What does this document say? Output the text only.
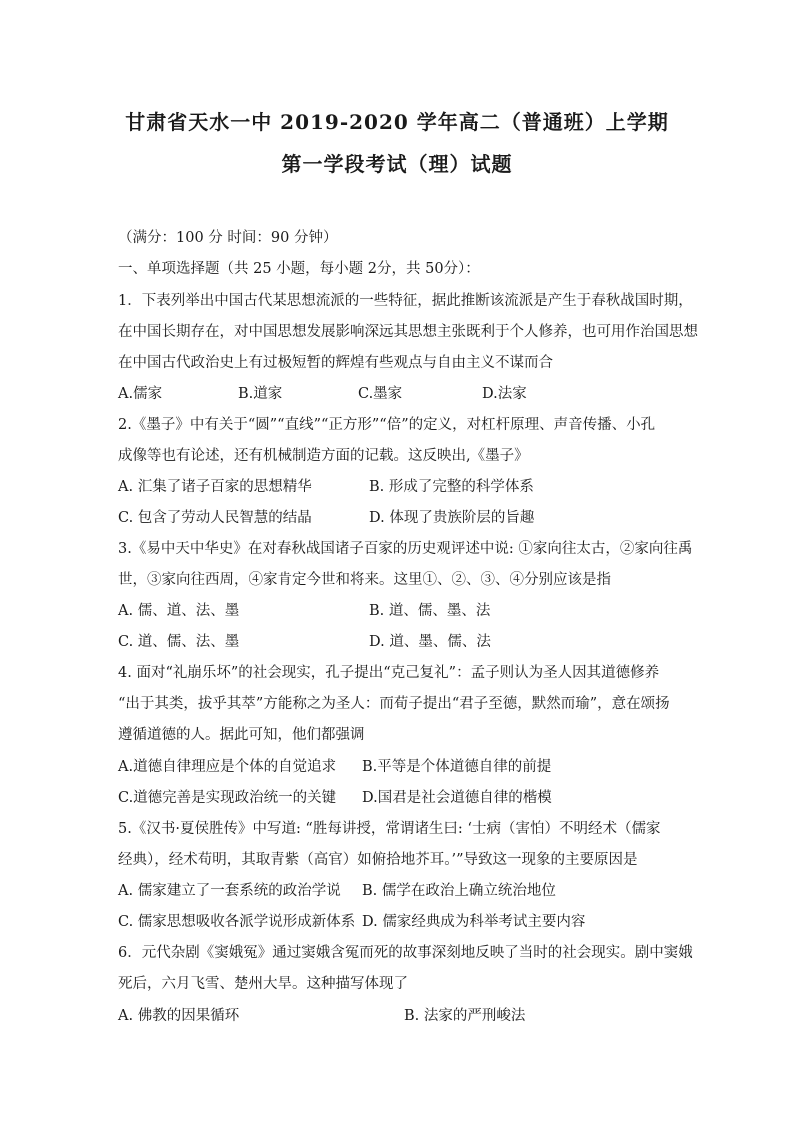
甘肃省天水一中 2019-2020 学年高二（普通班）上学期
第一学段考试（理）试题
（满分：100 分 时间：90 分钟）
一、单项选择题（共 25 小题，每小题 2分，共 50分）：
1．下表列举出中国古代某思想流派的一些特征，据此推断该流派是产生于春秋战国时期，
在中国长期存在，对中国思想发展影响深远其思想主张既利于个人修养，也可用作治国思想
在中国古代政治史上有过极短暂的辉煌有些观点与自由主义不谋而合
A.儒家	B.道家	C.墨家	D.法家
2.《墨子》中有关于“圆”“直线”“正方形”“倍”的定义，对杠杆原理、声音传播、小孔
成像等也有论述，还有机械制造方面的记载。这反映出,《墨子》
A. 汇集了诸子百家的思想精华	B. 形成了完整的科学体系
C. 包含了劳动人民智慧的结晶	D. 体现了贵族阶层的旨趣
3.《易中天中华史》在对春秋战国诸子百家的历史观评述中说: ①家向往太古，②家向往禹
世，③家向往西周，④家肯定今世和将来。这里①、②、③、④分别应该是指
A. 儒、道、法、墨	B. 道、儒、墨、法
C. 道、儒、法、墨	D. 道、墨、儒、法
4. 面对“礼崩乐坏”的社会现实，孔子提出“克己复礼”：孟子则认为圣人因其道德修养
“出于其类，拔乎其萃”方能称之为圣人：而荀子提出“君子至德，默然而瑜”，意在颂扬
遵循道德的人。据此可知，他们都强调
A.道德自律理应是个体的自觉追求 B.平等是个体道德自律的前提
C.道德完善是实现政治统一的关键 D.国君是社会道德自律的楷模
5.《汉书·夏侯胜传》中写道: “胜每讲授，常谓诸生曰: ‘士病（害怕）不明经术（儒家
经典），经术苟明，其取青紫（高官）如俯拾地芥耳。’”导致这一现象的主要原因是
A. 儒家建立了一套系统的政治学说 B. 儒学在政治上确立统治地位
C. 儒家思想吸收各派学说形成新体系 D. 儒家经典成为科举考试主要内容
6．元代杂剧《窦娥冤》通过窦娥含冤而死的故事深刻地反映了当时的社会现实。剧中窦娥
死后，六月飞雪、楚州大旱。这种描写体现了
A. 佛教的因果循环	B. 法家的严刑峻法
